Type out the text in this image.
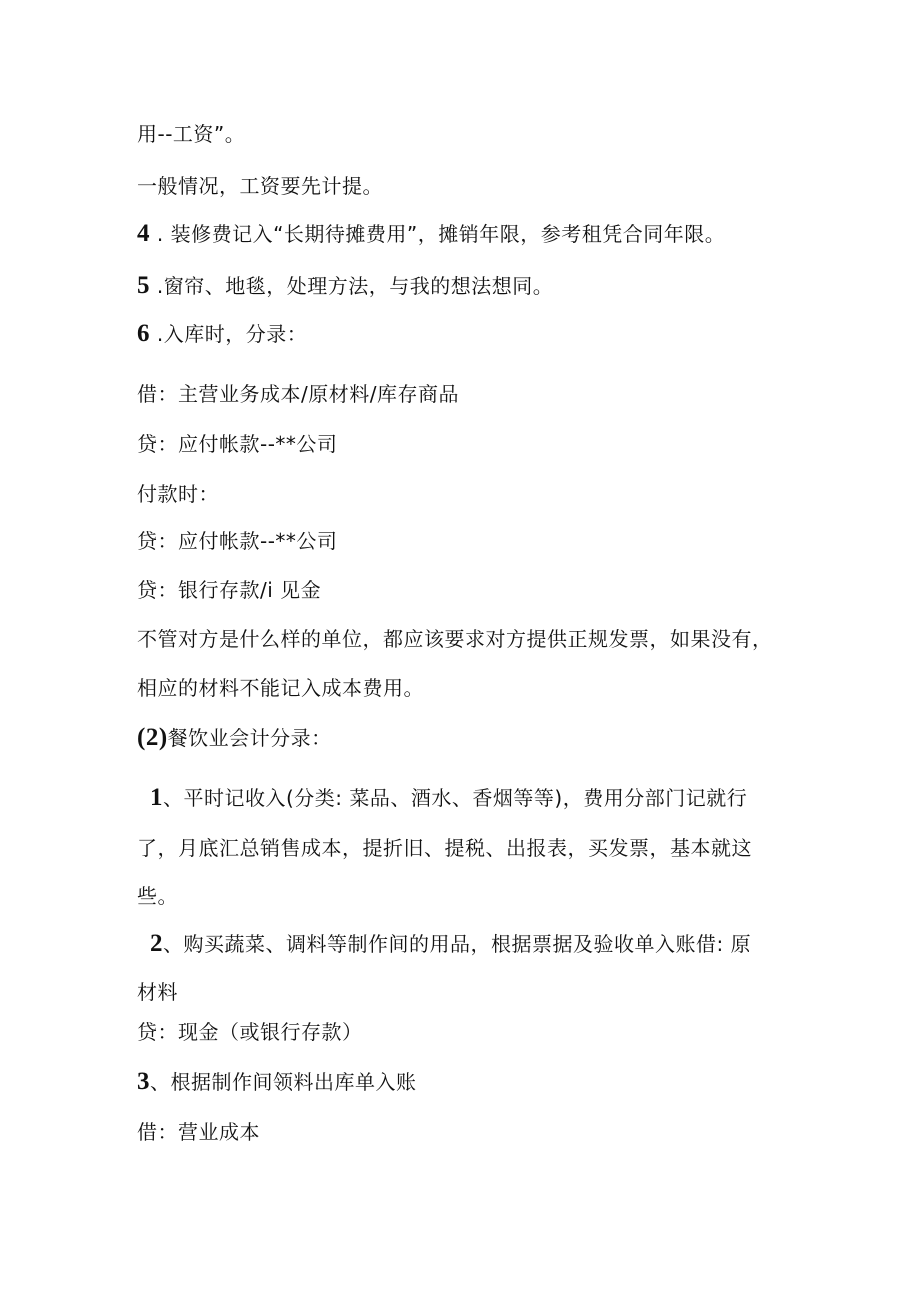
用--工资”。
一般情况，工资要先计提。
4 . 装修费记入“长期待摊费用”，摊销年限，参考租凭合同年限。
5 .窗帘、地毯，处理方法，与我的想法想同。
6 .入库时，分录：
借：主营业务成本/原材料/库存商品
贷：应付帐款--**公司
付款时：
贷：应付帐款--**公司
贷：银行存款/i 见金
不管对方是什么样的单位，都应该要求对方提供正规发票，如果没有，
相应的材料不能记入成本费用。
(2)餐饮业会计分录：
1、平时记收入(分类: 菜品、酒水、香烟等等)，费用分部门记就行
了，月底汇总销售成本，提折旧、提税、出报表，买发票，基本就这
些。
2、购买蔬菜、调料等制作间的用品，根据票据及验收单入账借: 原
材料
贷：现金（或银行存款）
3、根据制作间领料出库单入账
借：营业成本
